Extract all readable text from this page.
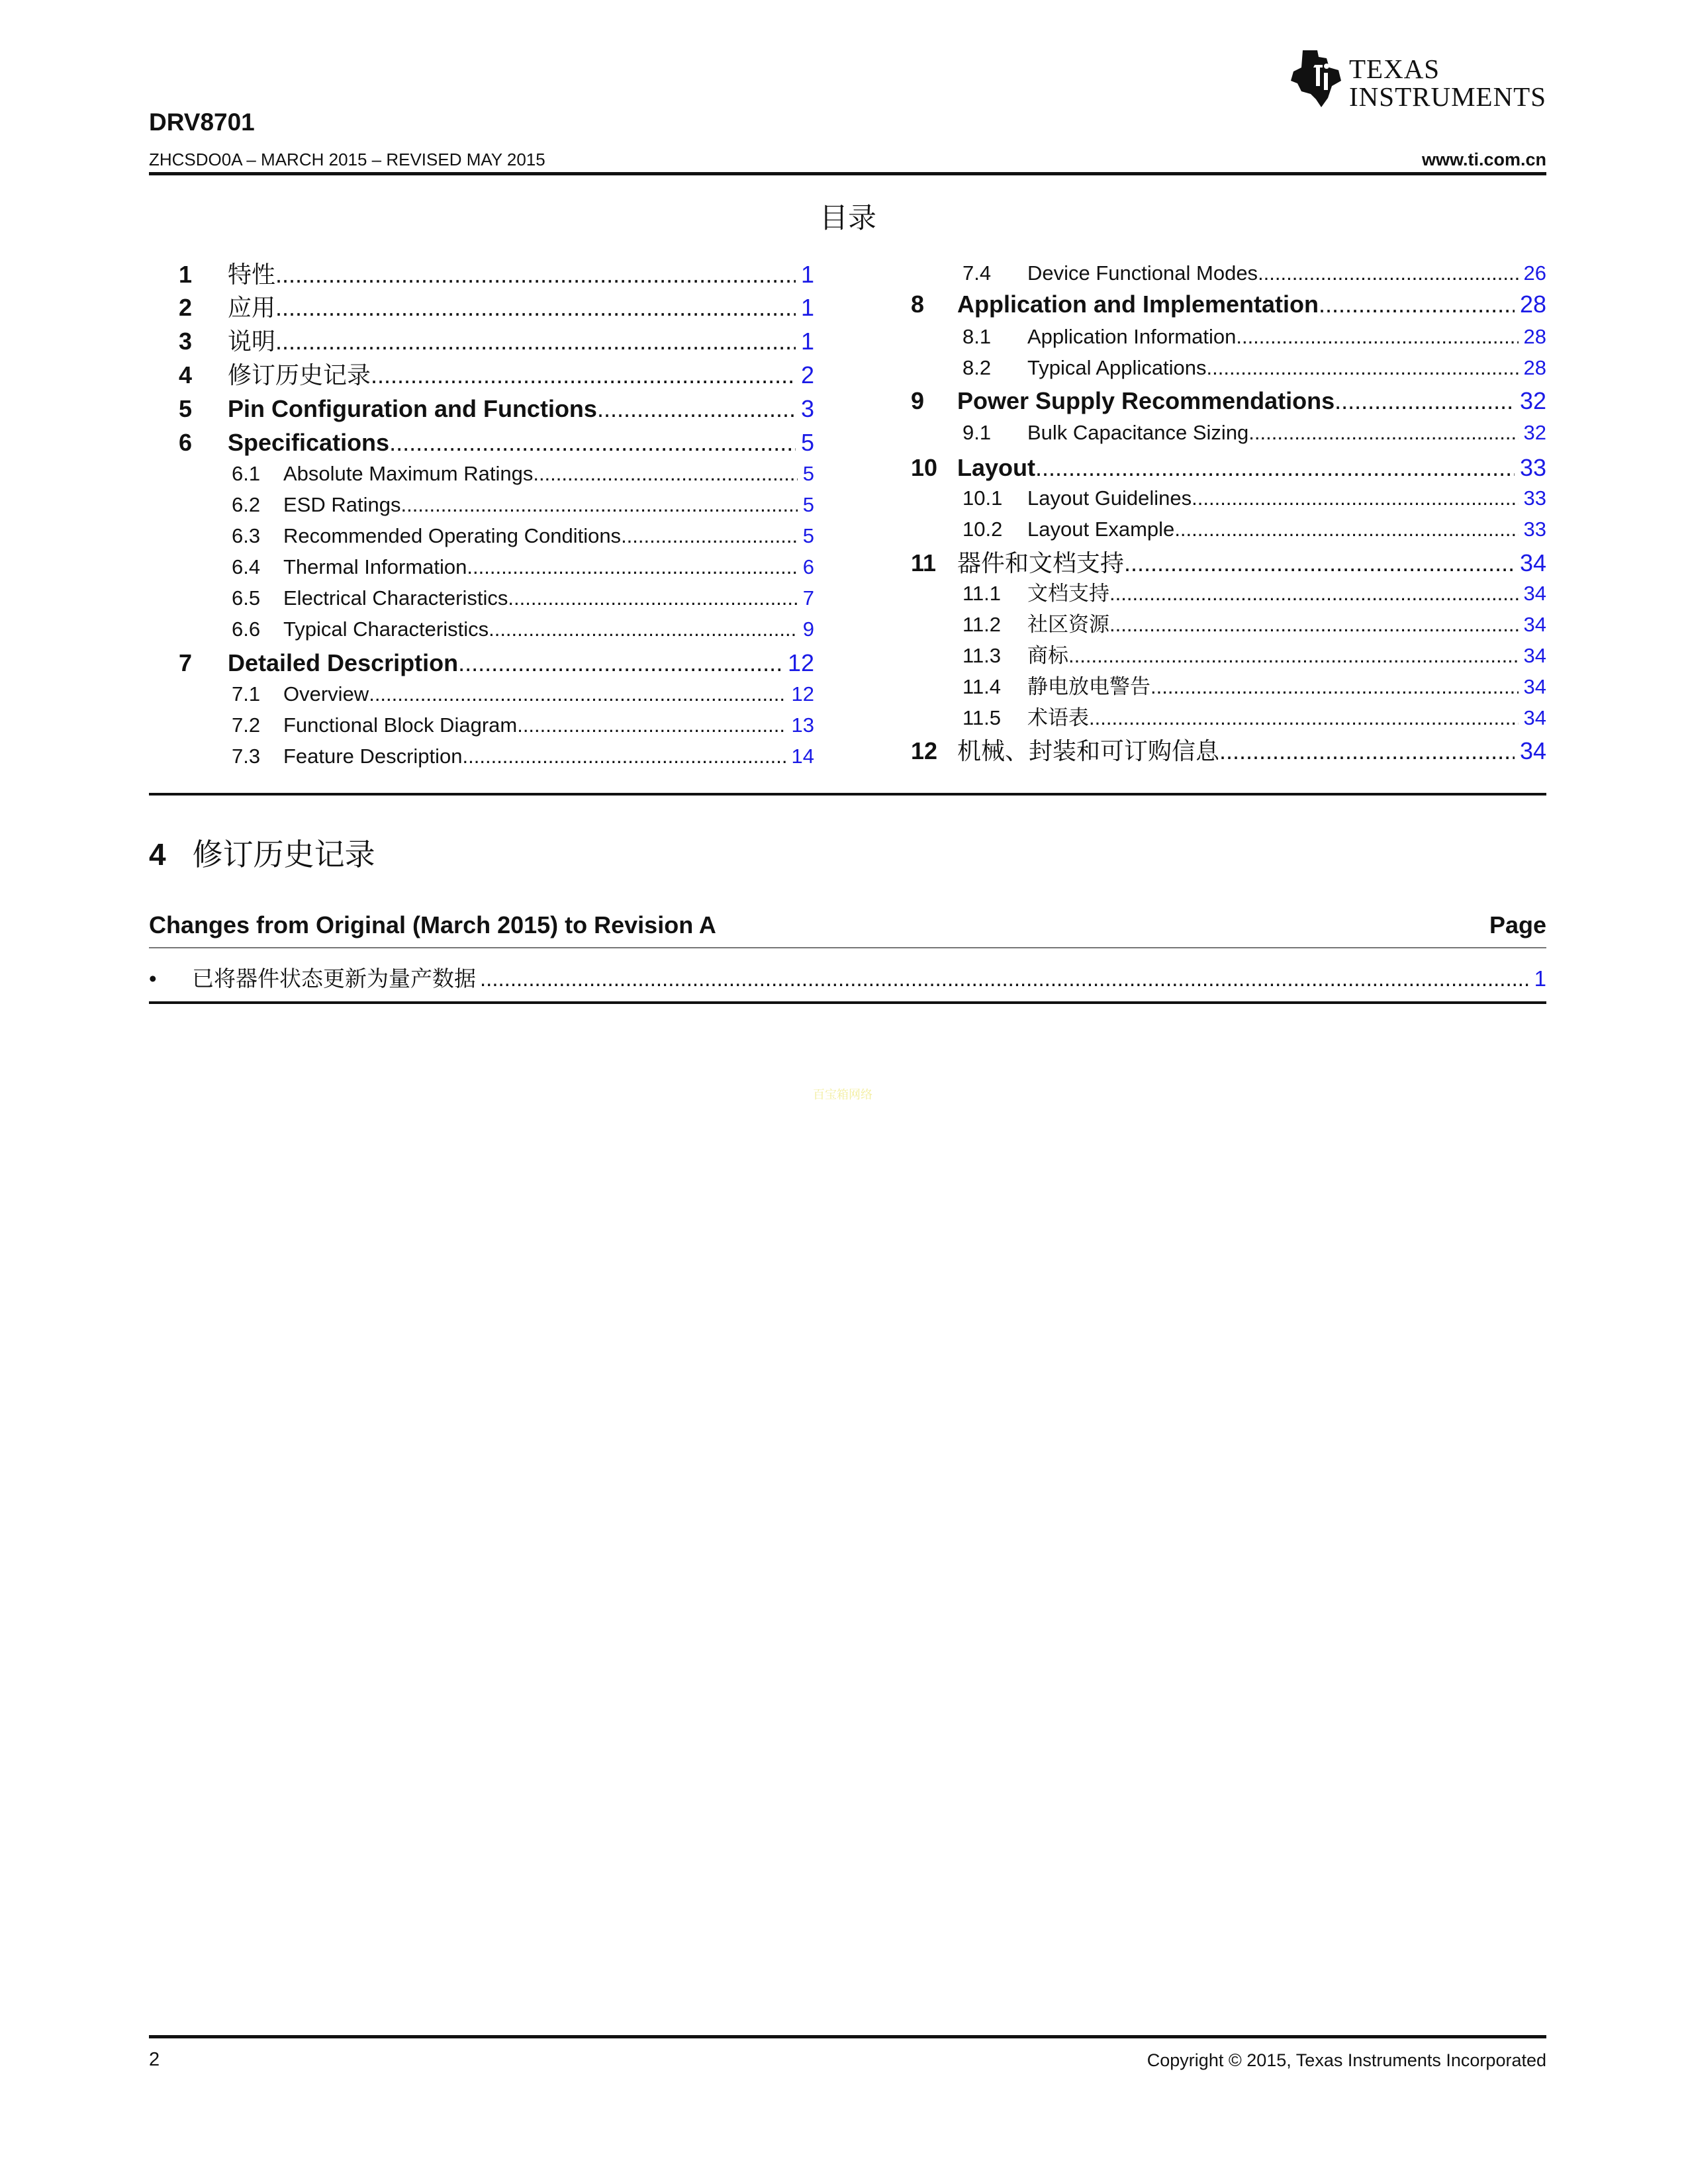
TEXAS
INSTRUMENTS
DRV8701
ZHCSDO0A – MARCH 2015 – REVISED MAY 2015	www.ti.com.cn
目录
1	特性 .....	1
2	应用 .....	1
3	说明 .....	1
4	修订历史记录 .....	2
5	Pin Configuration and Functions .....	3
6	Specifications .....	5
6.1	Absolute Maximum Ratings .....	5
6.2	ESD Ratings .....	5
6.3	Recommended Operating Conditions .....	5
6.4	Thermal Information .....	6
6.5	Electrical Characteristics .....	7
6.6	Typical Characteristics .....	9
7	Detailed Description .....	12
7.1	Overview .....	12
7.2	Functional Block Diagram .....	13
7.3	Feature Description .....	14
7.4	Device Functional Modes .....	26
8	Application and Implementation .....	28
8.1	Application Information .....	28
8.2	Typical Applications .....	28
9	Power Supply Recommendations .....	32
9.1	Bulk Capacitance Sizing .....	32
10 Layout .....	33
10.1	Layout Guidelines .....	33
10.2	Layout Example .....	33
11 器件和文档支持 .....	34
11.1	文档支持 .....	34
11.2	社区资源 .....	34
11.3	商标 .....	34
11.4	静电放电警告 .....	34
11.5	术语表 .....	34
12 机械、封装和可订购信息 .....	34
4 修订历史记录
Changes from Original (March 2015) to Revision A	Page
•	已将器件状态更新为量产数据 .....	1
百宝箱网络
2	Copyright © 2015, Texas Instruments Incorporated
